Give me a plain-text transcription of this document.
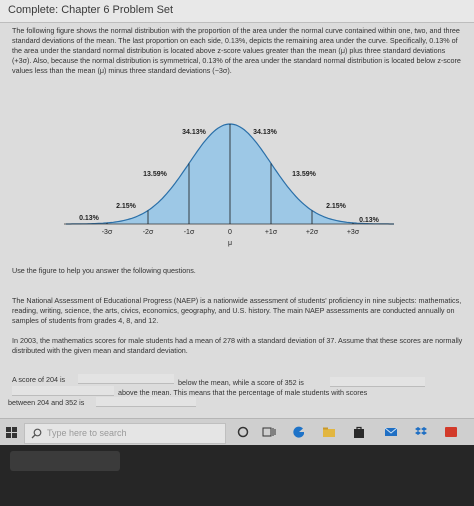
Complete: Chapter 6 Problem Set
The following figure shows the normal distribution with the proportion of the area under the normal curve contained within one, two, and three standard deviations of the mean. The last proportion on each side, 0.13%, depicts the remaining area under the curve. Specifically, 0.13% of the area under the standard normal distribution is located above z-score values greater than the mean (μ) plus three standard deviations (+3σ). Also, because the normal distribution is symmetrical, 0.13% of the area under the standard normal distribution is located below z-score values less than the mean (μ) minus three standard deviations (−3σ).
-3σ	-2σ	-1σ	0	+1σ	+2σ	+3σ
μ
0.13%
2.15%
13.59%
34.13%	34.13%
13.59%
2.15%
0.13%
Use the figure to help you answer the following questions.
The National Assessment of Educational Progress (NAEP) is a nationwide assessment of students' proficiency in nine subjects: mathematics, reading, writing, science, the arts, civics, economics, geography, and U.S. history. The main NAEP assessments are conducted annually on samples of students from grades 4, 8, and 12.
In 2003, the mathematics scores for male students had a mean of 278 with a standard deviation of 37. Assume that these scores are normally distributed with the given mean and standard deviation.
A score of 204 is	below the mean, while a score of 352 is
above the mean. This means that the percentage of male students with scores
between 204 and 352 is
Type here to search
